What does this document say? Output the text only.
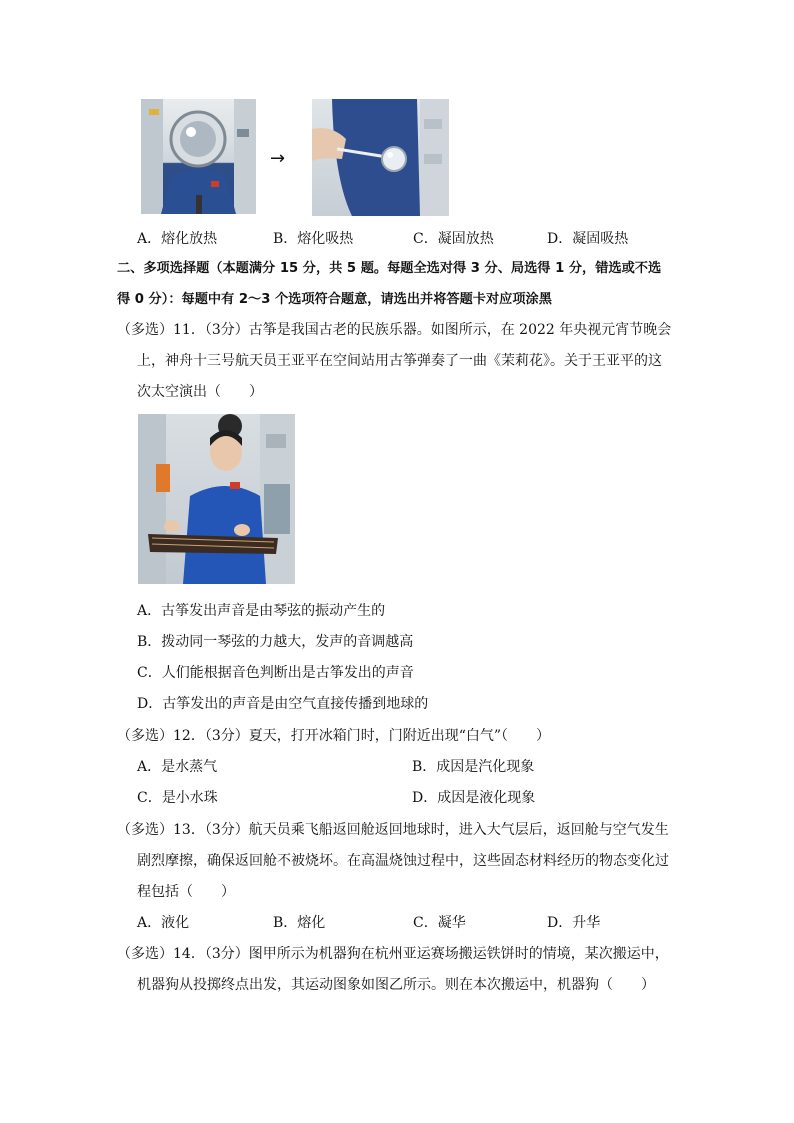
→
A．熔化放热	B．熔化吸热	C．凝固放热	D．凝固吸热
二、多项选择题（本题满分 15 分，共 5 题。每题全选对得 3 分、局选得 1 分，错选或不选
得 0 分）：每题中有 2～3 个选项符合题意，请选出并将答题卡对应项涂黑
（多选）11．（3分）古筝是我国古老的民族乐器。如图所示，在 2022 年央视元宵节晚会
上，神舟十三号航天员王亚平在空间站用古筝弹奏了一曲《茉莉花》。关于王亚平的这
次太空演出（　　）
A．古筝发出声音是由琴弦的振动产生的
B．拨动同一琴弦的力越大，发声的音调越高
C．人们能根据音色判断出是古筝发出的声音
D．古筝发出的声音是由空气直接传播到地球的
（多选）12．（3分）夏天，打开冰箱门时，门附近出现“白气”（　　）
A．是水蒸气	B．成因是汽化现象
C．是小水珠	D．成因是液化现象
（多选）13．（3分）航天员乘飞船返回舱返回地球时，进入大气层后，返回舱与空气发生
剧烈摩擦，确保返回舱不被烧坏。在高温烧蚀过程中，这些固态材料经历的物态变化过
程包括（　　）
A．液化	B．熔化	C．凝华	D．升华
（多选）14．（3分）图甲所示为机器狗在杭州亚运赛场搬运铁饼时的情境，某次搬运中，
机器狗从投掷终点出发，其运动图象如图乙所示。则在本次搬运中，机器狗（　　）
